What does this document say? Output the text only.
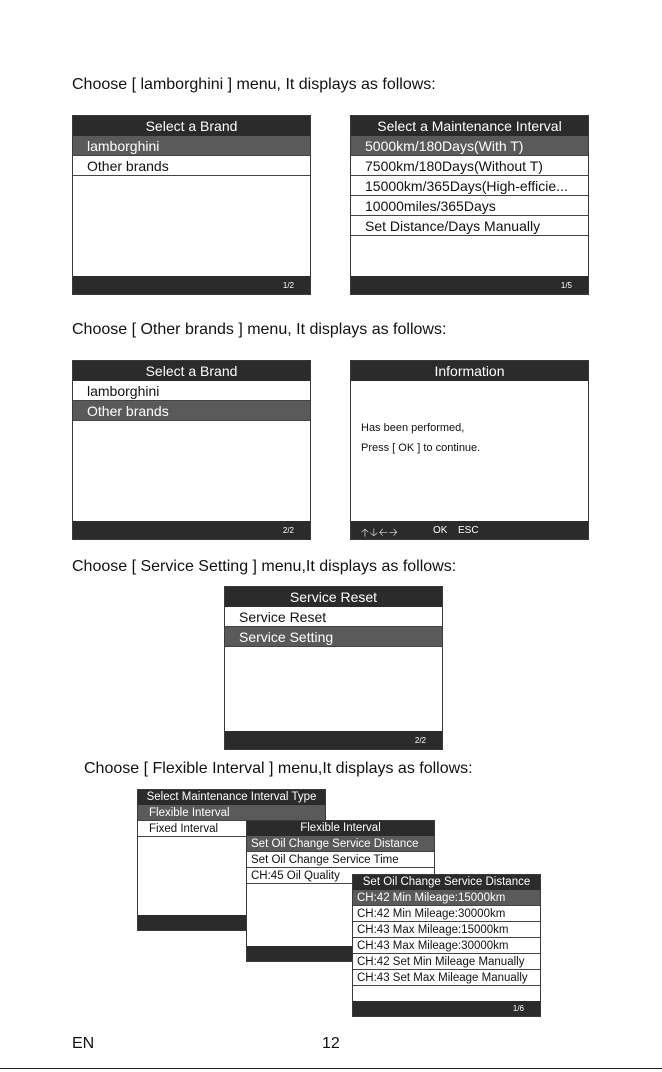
Choose [ lamborghini ] menu, It displays as follows:
Select a Brand
lamborghini
Other brands
1/2
Select a Maintenance Interval
5000km/180Days(With T)
7500km/180Days(Without T)
15000km/365Days(High-efficie...
10000miles/365Days
Set Distance/Days Manually
1/5
Choose [ Other brands ] menu, It displays as follows:
Select a Brand
lamborghini
Other brands
2/2
Information
Has been performed,
Press [ OK ] to continue.
🡡🡣🡠🡢	OK ESC
Choose [ Service Setting ] menu,It displays as follows:
Service Reset
Service Reset
Service Setting
2/2
Choose [ Flexible Interval ] menu,It displays as follows:
Select Maintenance Interval Type
Flexible Interval
Fixed Interval	Flexible Interval
Set Oil Change Service Distance
Set Oil Change Service Time
CH:45 Oil Quality	Set Oil Change Service Distance
CH:42 Min Mileage:15000km
CH:42 Min Mileage:30000km
CH:43 Max Mileage:15000km
CH:43 Max Mileage:30000km
CH:42 Set Min Mileage Manually
CH:43 Set Max Mileage Manually
1/6
EN	12
